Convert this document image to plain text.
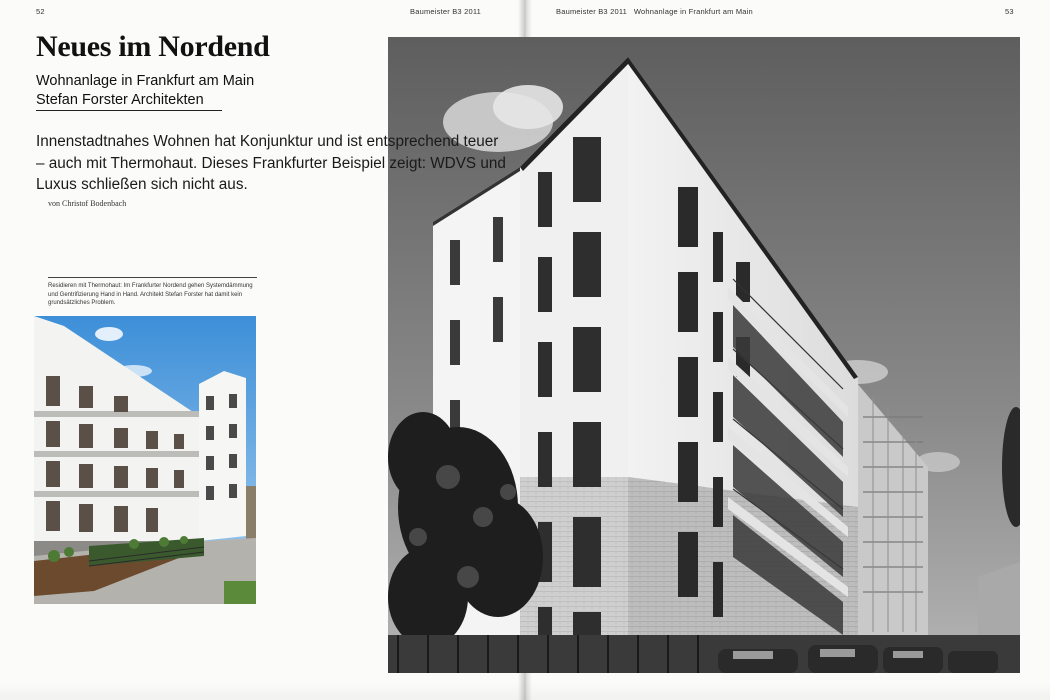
52	Baumeister B3 2011	Baumeister B3 2011   Wohnanlage in Frankfurt am Main	53
Neues im Nordend
Wohnanlage in Frankfurt am Main
Stefan Forster Architekten
Innenstadtnahes Wohnen hat Konjunktur und ist entsprechend teuer – auch mit Thermohaut. Dieses Frankfurter Beispiel zeigt: WDVS und Luxus schließen sich nicht aus.
von Christof Bodenbach
Residieren mit Thermohaut: Im Frankfurter Nordend gehen Systemdämmung und Gentrifizierung Hand in Hand. Architekt Stefan Forster hat damit kein grundsätzliches Problem.
